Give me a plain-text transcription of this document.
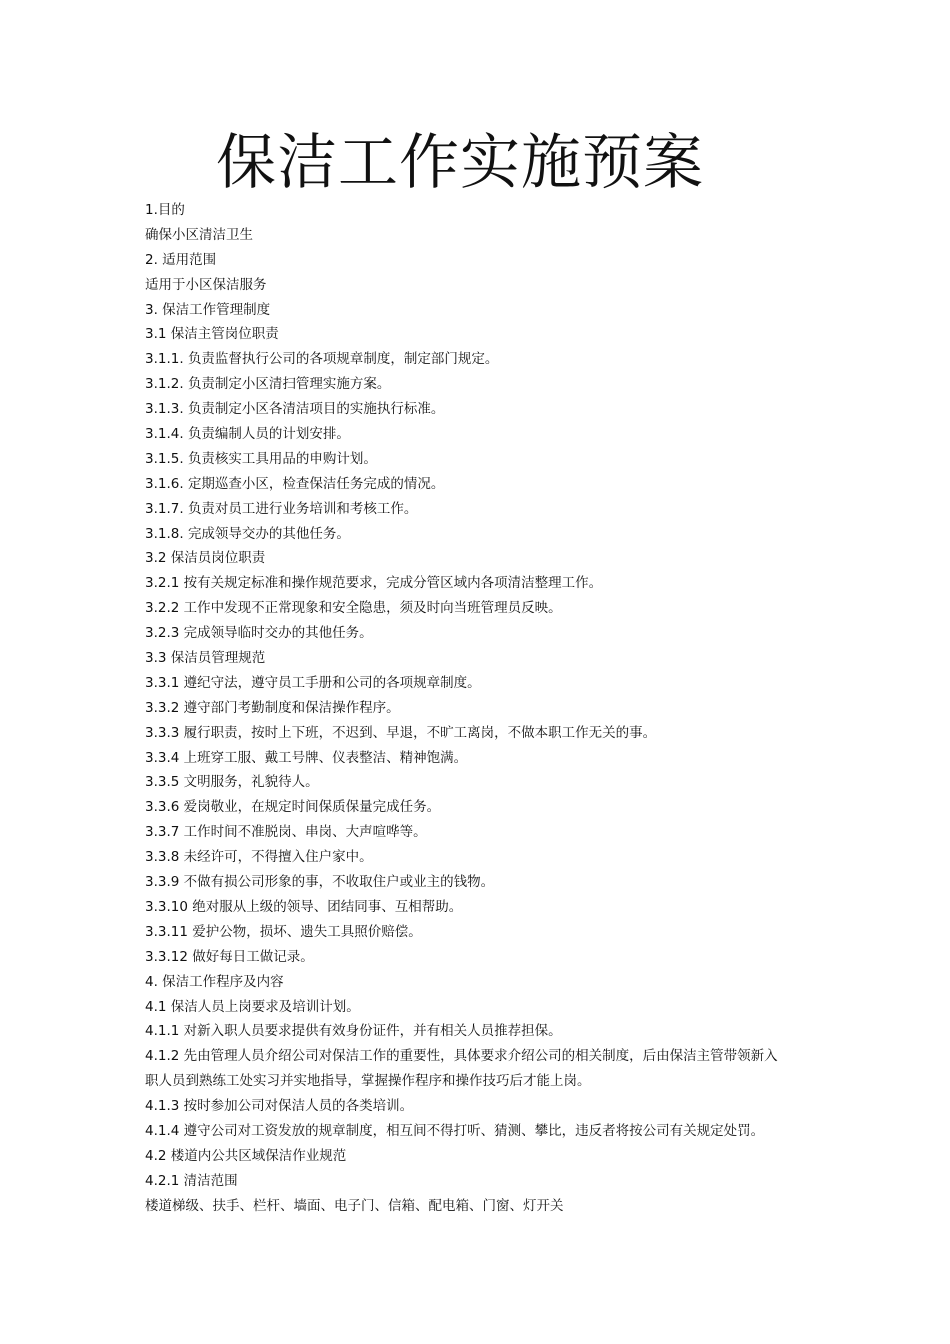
保洁工作实施预案
1.目的
确保小区清洁卫生
2. 适用范围
适用于小区保洁服务
3. 保洁工作管理制度
3.1 保洁主管岗位职责
3.1.1. 负责监督执行公司的各项规章制度，制定部门规定。
3.1.2. 负责制定小区清扫管理实施方案。
3.1.3. 负责制定小区各清洁项目的实施执行标准。
3.1.4. 负责编制人员的计划安排。
3.1.5. 负责核实工具用品的申购计划。
3.1.6. 定期巡查小区，检查保洁任务完成的情况。
3.1.7. 负责对员工进行业务培训和考核工作。
3.1.8. 完成领导交办的其他任务。
3.2 保洁员岗位职责
3.2.1 按有关规定标准和操作规范要求，完成分管区域内各项清洁整理工作。
3.2.2 工作中发现不正常现象和安全隐患，须及时向当班管理员反映。
3.2.3 完成领导临时交办的其他任务。
3.3 保洁员管理规范
3.3.1 遵纪守法，遵守员工手册和公司的各项规章制度。
3.3.2 遵守部门考勤制度和保洁操作程序。
3.3.3 履行职责，按时上下班，不迟到、早退，不旷工离岗，不做本职工作无关的事。
3.3.4 上班穿工服、戴工号牌、仪表整洁、精神饱满。
3.3.5 文明服务，礼貌待人。
3.3.6 爱岗敬业，在规定时间保质保量完成任务。
3.3.7 工作时间不准脱岗、串岗、大声喧哗等。
3.3.8 未经许可，不得擅入住户家中。
3.3.9 不做有损公司形象的事，不收取住户或业主的钱物。
3.3.10 绝对服从上级的领导、团结同事、互相帮助。
3.3.11 爱护公物，损坏、遗失工具照价赔偿。
3.3.12 做好每日工做记录。
4. 保洁工作程序及内容
4.1 保洁人员上岗要求及培训计划。
4.1.1 对新入职人员要求提供有效身份证件，并有相关人员推荐担保。
4.1.2 先由管理人员介绍公司对保洁工作的重要性，具体要求介绍公司的相关制度，后由保洁主管带领新入
职人员到熟练工处实习并实地指导，掌握操作程序和操作技巧后才能上岗。
4.1.3 按时参加公司对保洁人员的各类培训。
4.1.4 遵守公司对工资发放的规章制度，相互间不得打听、猜测、攀比，违反者将按公司有关规定处罚。
4.2 楼道内公共区域保洁作业规范
4.2.1 清洁范围
楼道梯级、扶手、栏杆、墙面、电子门、信箱、配电箱、门窗、灯开关
